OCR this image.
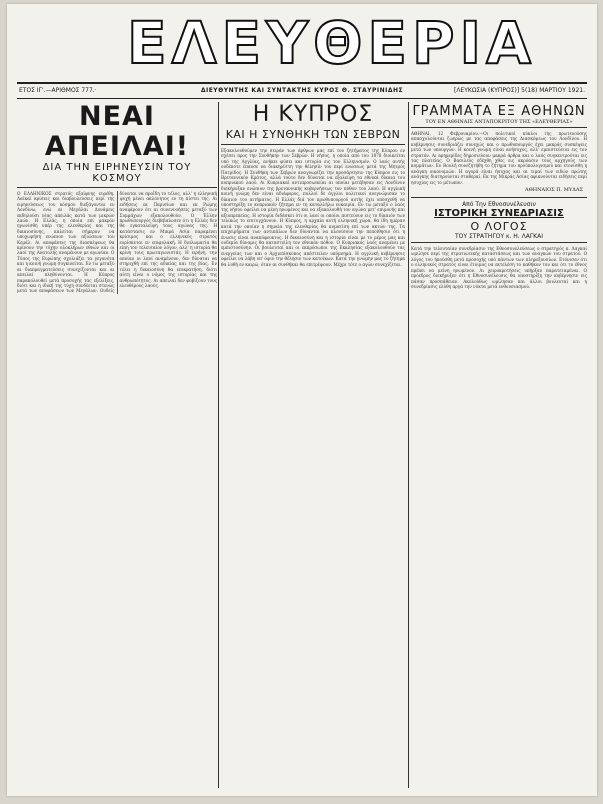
ΕΛΕΥΘΕΡΙΑ
ΕΤΟΣ ΙΓ'.—ΑΡΙΘΜΟΣ 777.·	ΔΙΕΥΘΥΝΤΗΣ ΚΑΙ ΣΥΝΤΑΚΤΗΣ ΚΥΡΟΣ Θ. ΣΤΑΥΡΙΝΙΔΗΣ	[ΛΕΥΚΩΣΙΑ (ΚΥΠΡΟΣ)] 5(18) ΜΑΡΤΙΟΥ 1921.
ΝΕΑΙ ΑΠΕΙΛΑΙ!
ΔΙΑ ΤΗΝ ΕΙΡΗΝΕΥΣΙΝ ΤΟΥ ΚΟΣΜΟΥ
Ο ΕΛΛΗΝΙΚΟΣ στρατός εξαίφνης ευρέθη. Λαϊκαί κρίσεις και διαβουλεύσεις περί της ειρηνεύσεως του κόσμου διεξάγονται εν Λονδίνω, ενώ αι Μεγάλαι Δυνάμεις εκδηλούσι νέας απειλάς κατά των μικρών λαών. Η Ελλάς, η οποία επί μακρόν ηγωνίσθη υπέρ της ελευθερίας και της δικαιοσύνης, καλείται σήμερον να υποχωρήση ενώπιον των αξιώσεων του Κεμάλ. Αι αποφάσεις της Διασκέψεως θα κρίνουν την τύχην ολοκλήρων εθνών και οι λαοί της Ανατολής αναμένουν με αγωνίαν. Ο Τύπος της Ευρώπης σχολιάζει τα γεγονότα και η κοινή γνώμη συγκινείται. Εν τω μεταξύ αι διαπραγματεύσεις συνεχίζονται και αι απειλαί πληθύνονται. Η Κύπρος παρακολουθεί μετά προσοχής τας εξελίξεις, διότι και η ιδική της τύχη συνδέεται στενώς μετά των αποφάσεων των Μεγάλων. Ουδείς δύναται να προΐδη το τέλος, αλλ' η ελληνική ψυχή μένει ακλόνητος εν τη πίστει της. Αι ειδήσεις εκ Παρισίων και εκ Ρώμης αναφέρουν ότι αι συνεννοήσεις μεταξύ των Συμμάχων εξακολουθούν. Ο Έλλην πρωθυπουργός διεβεβαίωσεν ότι η Ελλάς δεν θα εγκαταλείψη τους αγώνας της. Η κατάστασις εν Μικρά Ασία παραμένει κρίσιμος και ο ελληνικός στρατός ευρίσκεται εν επιφυλακή. Η διπλωματία θα είπη τον τελευταίον λόγον, αλλ' η ιστορία θα κρίνη τους πρωταγωνιστάς. Η ειρήνη, την οποίαν οι λαοί αναμένουν, δεν δύναται να στηριχθή επί της αδικίας και της βίας. Εν τέλει η δικαιοσύνη θα επικρατήση, διότι αύτη είναι ο νόμος της ιστορίας και της ανθρωπότητος. Αι απειλαί δεν φοβίζουν τους ελευθέρους λαούς.
Η ΚΥΠΡΟΣ
ΚΑΙ Η ΣΥΝΘΗΚΗ ΤΩΝ ΣΕΒΡΩΝ
Εξακολουθούμεν την σειράν των άρθρων μας επί του ζητήματος της Κύπρου εν σχέσει προς την Συνθήκην των Σεβρών. Η νήσος, η οποία από του 1878 διοικείται υπό της Αγγλίας, ανήκει φύσει και ιστορία εις τον Ελληνισμόν. Ο λαός αυτής ουδέποτε έπαυσε να διακηρύττη την θέλησίν του περί ενώσεως μετά της Μητρός Πατρίδος. Η Συνθήκη των Σεβρών αναγνωρίζει την προσάρτησιν της Κύπρου εις το Βρεταννικόν Κράτος, αλλά τούτο δεν δύναται να εξαλείψη τα εθνικά δίκαια του κυπριακού λαού. Αι Κυπριακαί αντιπροσωπείαι αι οποίαι μετέβησαν εις Λονδίνον διεκήρυξαν ενώπιον της βρεταννικής κυβερνήσεως τον πόθον του λαού. Η αγγλική κοινή γνώμη δεν είναι αδιάφορος, πολλοί δε άγγλοι πολιτικοί ανεγνώρισαν το δίκαιον του αιτήματος. Η Ελλάς διά του πρωθυπουργού αυτής έχει υποσχεθή να υποστηρίξη το κυπριακόν ζήτημα εν τη καταλλήλω ευκαιρία. Εν τω μεταξύ ο λαός της νήσου οφείλει να μένη ηνωμένος και να εξακολουθή τον αγώνα μετ' επιμονής και αξιοπρεπείας. Η ιστορία διδάσκει ότι οι λαοί οι οποίοι πιστεύουν εις το δίκαιόν των τελικώς το επιτυγχάνουν. Η Κύπρος, η αρχαία αυτή ελληνική χώρα, θα ίδη ημέραν κατά την οποίαν η σημαία της ελευθερίας θα κυματίση επί των ακτών της. Τα επιχειρήματα των αντιπάλων δεν δύνανται να κλονίσουν την πεποίθησιν ότι η ένωσις είναι αναπόφευκτος. Η δικαιοσύνη και η ιστορία είναι με το μέρος μας και ουδεμία δύναμις θα καταστείλη τον εθνικόν πόθον. Ο Κυπριακός λαός αναμένει με εμπιστοσύνην. Οι βουλευταί και οι εκπρόσωποι της Εκκλησίας εξακολουθούν τας ενεργείας των και ο Αρχιεπίσκοπος απέστειλεν υπόμνημα. Η αγγλική κυβέρνησις οφείλει να λάβη υπ' όψιν την θέλησιν των κατοίκων. Κατά την γνώμην μας το ζήτημα θα λυθή εν καιρώ, όταν αι συνθήκαι θα επιτρέψουν. Μέχρι τότε ο αγών συνεχίζεται.
ΓΡΑΜΜΑΤΑ ΕΞ ΑΘΗΝΩΝ
ΤΟΥ ΕΝ ΑΘΗΝΑΙΣ ΑΝΤΑΠΟΚΡΙΤΟΥ ΤΗΣ «ΕΛΕΥΘΕΡΙΑΣ»
ΑΘΗΝΑΙ, 12 Φεβρουαρίου.—Οι πολιτικοί κύκλοι της πρωτευούσης απασχολούνται ζωηρώς με τας αποφάσεις της Διασκέψεως του Λονδίνου. Η κυβέρνησις συνεδριάζει συνεχώς και ο πρωθυπουργός έχει μακράς συσκέψεις μετά των υπουργών. Η κοινή γνώμη είναι ανήσυχος, αλλ' εμπιστεύεται εις τον στρατόν. Αι εφημερίδες δημοσιεύουν μακρά άρθρα και ο λαός συγκεντρούται εις τας πλατείας. Ο Βασιλεύς εδέχθη χθες εις ακρόασιν τους αρχηγούς των κομμάτων. Εν Βουλή συνεζητήθη το ζήτημα του προϋπολογισμού και ετονίσθη η ανάγκη οικονομιών. Η αγορά είναι ήσυχος και αι τιμαί των ειδών πρώτης ανάγκης διατηρούνται σταθεραί. Εκ της Μικράς Ασίας αφικνούνται ειδήσεις περί ησυχίας εις το μέτωπον.
ΑΘΗΝΑΙΟΣ Π. ΜΥΔΑΣ
Από Την Εθνοσυνέλευσιν
ΙΣΤΟΡΙΚΗ ΣΥΝΕΔΡΙΑΣΙΣ
Ο ΛΟΓΟΣ
ΤΟΥ ΣΤΡΑΤΗΓΟΥ κ. Η. ΛΑΓΚΑΙ
Κατά την τελευταίαν συνεδρίασιν της Εθνοσυνελεύσεως ο στρατηγός κ. Λαγκαί ωμίλησε περί της στρατιωτικής καταστάσεως και των αναγκών του στρατού. Ο λόγος του ήκούσθη μετά προσοχής υπό πάντων των πληρεξουσίων. Ετόνισεν ότι ο ελληνικός στρατός είναι έτοιμος να εκτελέση το καθήκον του και ότι το έθνος πρέπει να μείνη ηνωμένον. Αι χειροκροτήσεις υπήρξαν παρατεταμέναι. Ο πρόεδρος διεκήρυξεν ότι η Εθνοσυνέλευσις θα υποστηρίξη την κυβέρνησιν εις πάσαν προσπάθειαν. Ακολούθως ωμίλησαν και άλλοι βουλευταί και η συνεδρίασις ελύθη αργά την νύκτα μετά ενθουσιασμού.
